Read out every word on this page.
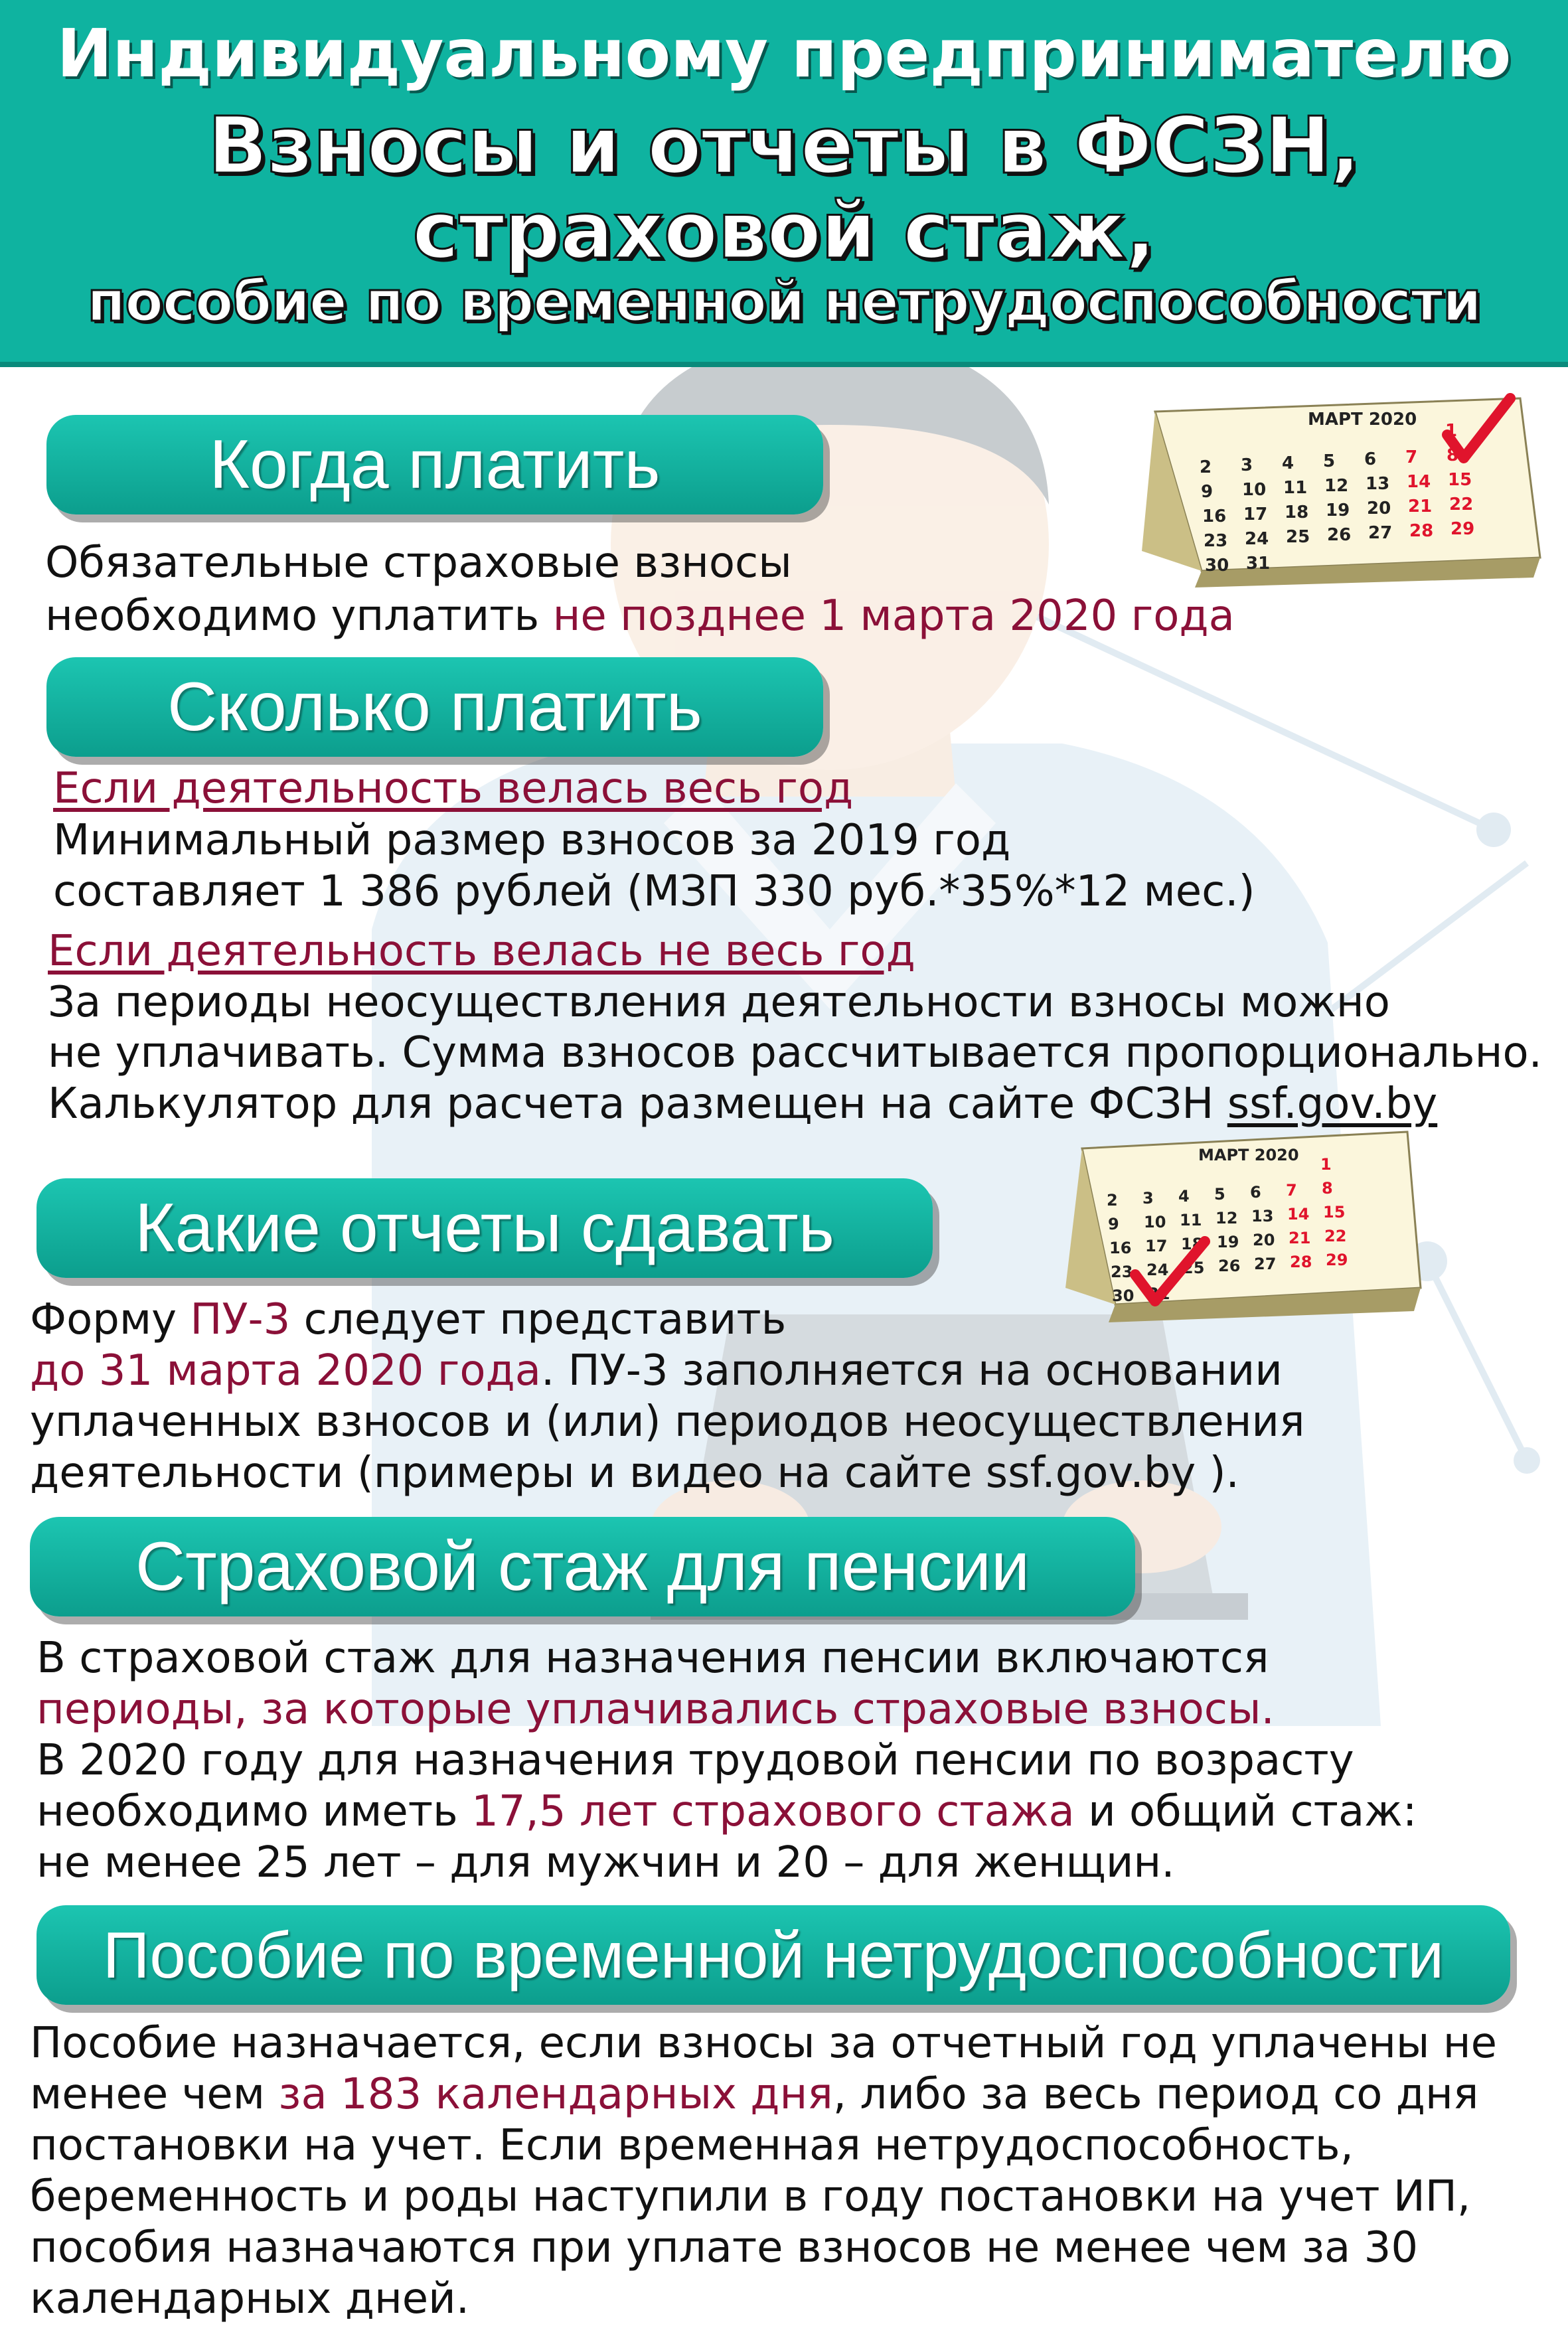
Индивидуальному предпринимателю
Взносы и отчеты в ФСЗН,
страховой стаж,
пособие по временной нетрудоспособности
МАРТ 2020
1
2 3 4 5 6 7 8
9 10 11 12 13 14 15
16 17 18 19 20 21 22
23 24 25 26 27 28 29
30 31
Когда платить
Обязательные страховые взносы
необходимо уплатить не позднее 1 марта 2020 года
Сколько платить
Если деятельность велась весь год
Минимальный размер взносов за 2019 год
составляет 1 386 рублей (МЗП 330 руб.*35%*12 мес.)
Если деятельность велась не весь год
За периоды неосуществления деятельности взносы можно
не уплачивать. Сумма взносов рассчитывается пропорционально.
Калькулятор для расчета размещен на сайте ФСЗН ssf.gov.by
МАРТ 2020 1
2 3 4 5 6 7 8
9 10 11 12 13 14 15
16 17 18 19 20 21 22
23 24 25 26 27 28 29
30 31
Какие отчеты сдавать
Форму ПУ-3 следует представить
до 31 марта 2020 года. ПУ-3 заполняется на основании
уплаченных взносов и (или) периодов неосуществления
деятельности (примеры и видео на сайте ssf.gov.by ).
Страховой стаж для пенсии
В страховой стаж для назначения пенсии включаются
периоды, за которые уплачивались страховые взносы.
В 2020 году для назначения трудовой пенсии по возрасту
необходимо иметь 17,5 лет страхового стажа и общий стаж:
не менее 25 лет – для мужчин и 20 – для женщин.
Пособие по временной нетрудоспособности
Пособие назначается, если взносы за отчетный год уплачены не
менее чем за 183 календарных дня, либо за весь период со дня
постановки на учет. Если временная нетрудоспособность,
беременность и роды наступили в году постановки на учет ИП,
пособия назначаются при уплате взносов не менее чем за 30
календарных дней.
